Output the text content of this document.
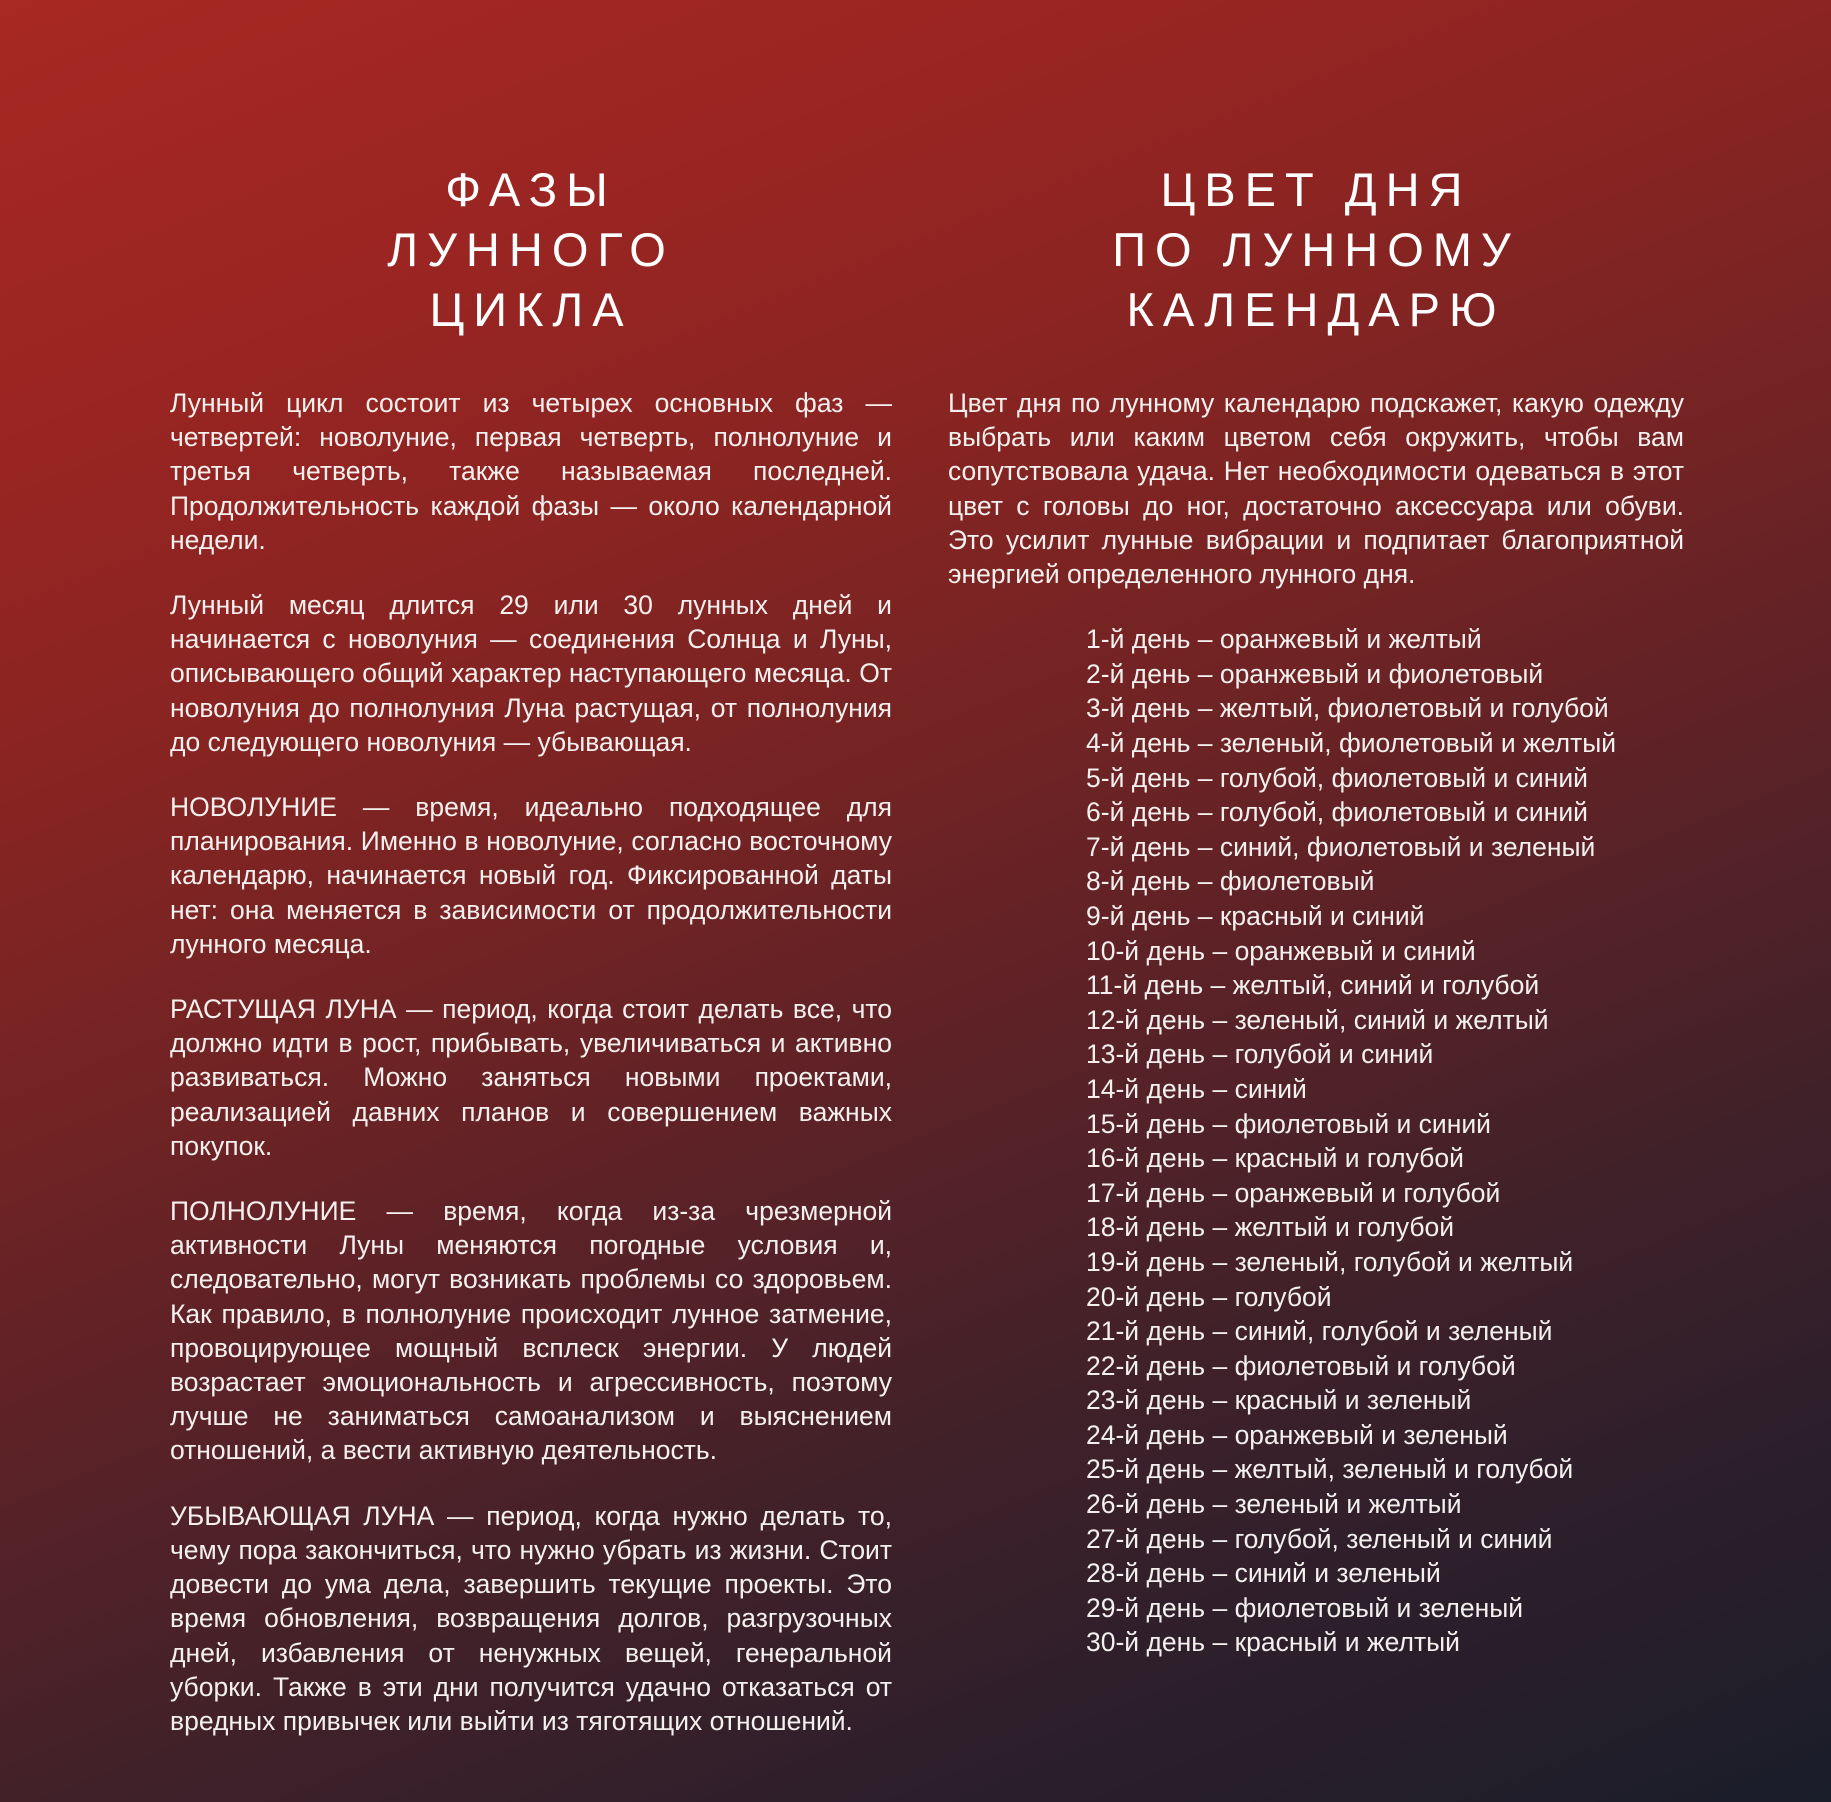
ФАЗЫ
ЛУННОГО
ЦИКЛА

Лунный цикл состоит из четырех основных фаз — четвертей: новолуние, первая четверть, полнолуние и третья четверть, также называемая последней. Продолжительность каждой фазы — около календарной недели.

Лунный месяц длится 29 или 30 лунных дней и начинается с новолуния — соединения Солнца и Луны, описывающего общий характер наступающего месяца. От новолуния до полнолуния Луна растущая, от полнолуния до следующего новолуния — убывающая.

НОВОЛУНИЕ — время, идеально подходящее для планирования. Именно в новолуние, согласно восточному календарю, начинается новый год. Фиксированной даты нет: она меняется в зависимости от продолжительности лунного месяца.

РАСТУЩАЯ ЛУНА — период, когда стоит делать все, что должно идти в рост, прибывать, увеличиваться и активно развиваться. Можно заняться новыми проектами, реализацией давних планов и совершением важных покупок.

ПОЛНОЛУНИЕ — время, когда из-за чрезмерной активности Луны меняются погодные условия и, следовательно, могут возникать проблемы со здоровьем. Как правило, в полнолуние происходит лунное затмение, провоцирующее мощный всплеск энергии. У людей возрастает эмоциональность и агрессивность, поэтому лучше не заниматься самоанализом и выяснением отношений, а вести активную деятельность.

УБЫВАЮЩАЯ ЛУНА — период, когда нужно делать то, чему пора закончиться, что нужно убрать из жизни. Стоит довести до ума дела, завершить текущие проекты. Это время обновления, возвращения долгов, разгрузочных дней, избавления от ненужных вещей, генеральной уборки. Также в эти дни получится удачно отказаться от вредных привычек или выйти из тяготящих отношений.

ЦВЕТ ДНЯ
ПО ЛУННОМУ
КАЛЕНДАРЮ

Цвет дня по лунному календарю подскажет, какую одежду выбрать или каким цветом себя окружить, чтобы вам сопутствовала удача. Нет необходимости одеваться в этот цвет с головы до ног, достаточно аксессуара или обуви. Это усилит лунные вибрации и подпитает благоприятной энергией определенного лунного дня.

1-й день – оранжевый и желтый
2-й день – оранжевый и фиолетовый
3-й день – желтый, фиолетовый и голубой
4-й день – зеленый, фиолетовый и желтый
5-й день – голубой, фиолетовый и синий
6-й день – голубой, фиолетовый и синий
7-й день – синий, фиолетовый и зеленый
8-й день – фиолетовый
9-й день – красный и синий
10-й день – оранжевый и синий
11-й день – желтый, синий и голубой
12-й день – зеленый, синий и желтый
13-й день – голубой и синий
14-й день – синий
15-й день – фиолетовый и синий
16-й день – красный и голубой
17-й день – оранжевый и голубой
18-й день – желтый и голубой
19-й день – зеленый, голубой и желтый
20-й день – голубой
21-й день – синий, голубой и зеленый
22-й день – фиолетовый и голубой
23-й день – красный и зеленый
24-й день – оранжевый и зеленый
25-й день – желтый, зеленый и голубой
26-й день – зеленый и желтый
27-й день – голубой, зеленый и синий
28-й день – синий и зеленый
29-й день – фиолетовый и зеленый
30-й день – красный и желтый
